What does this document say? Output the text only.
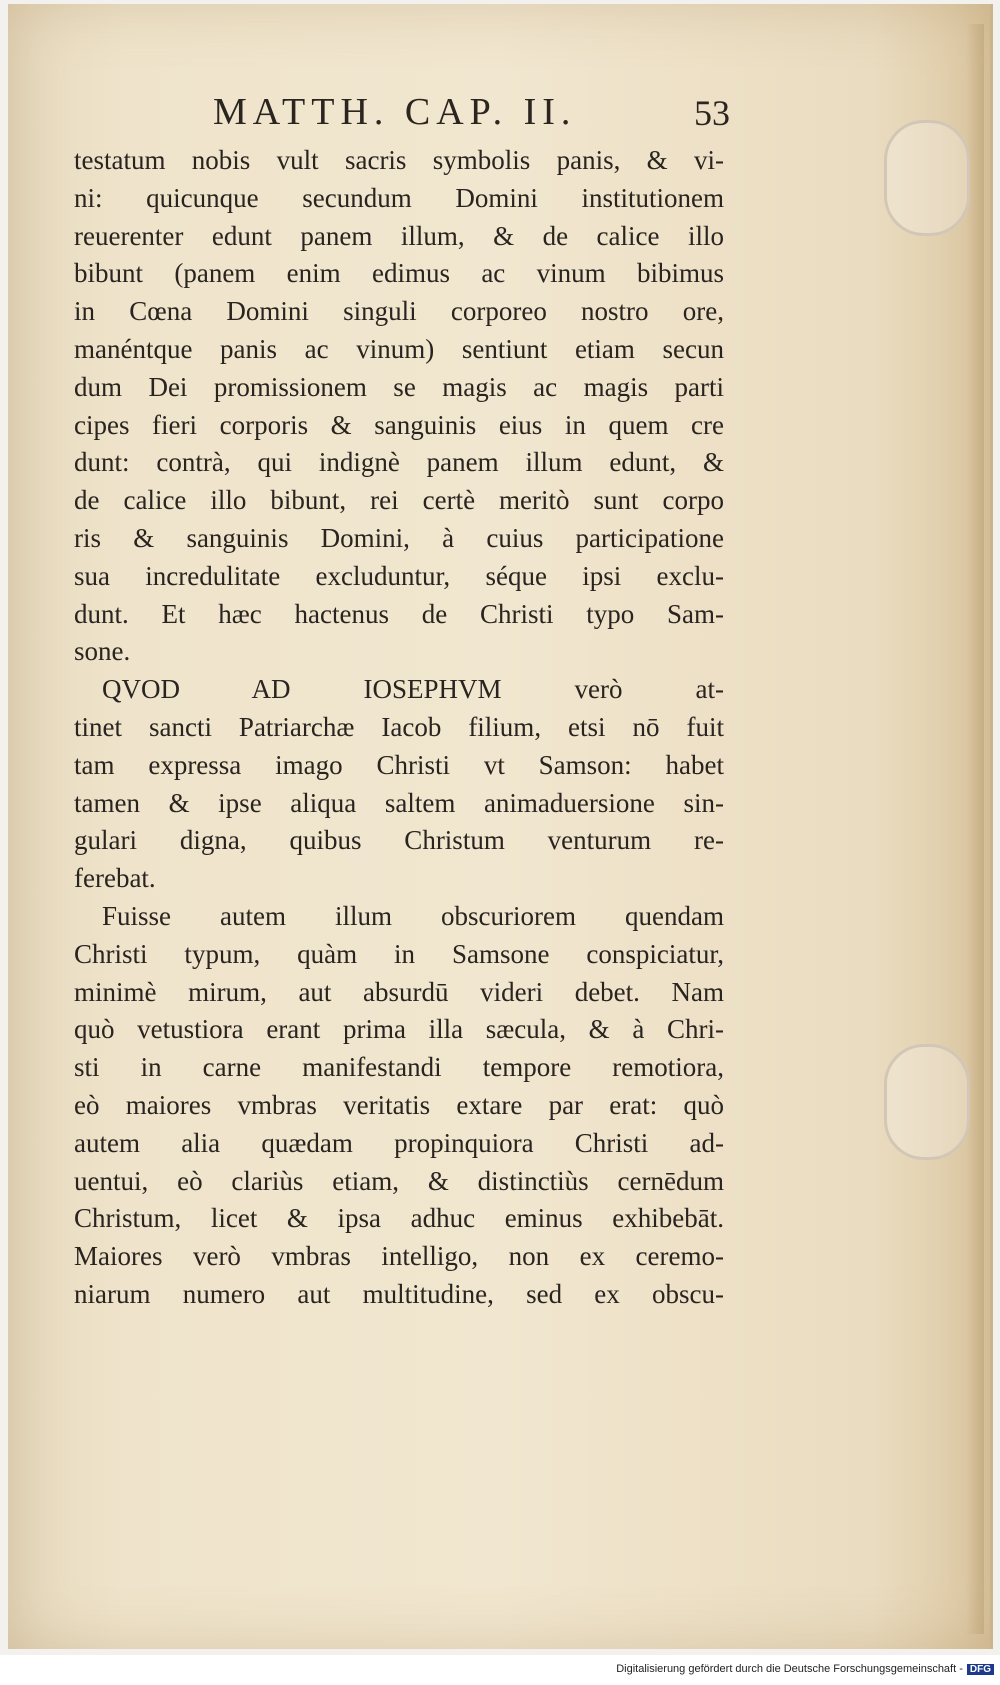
MATTH. CAP. II.	53
testatum nobis vult sacris symbolis panis, & vi-
ni: quicunque secundum Domini institutionem
reuerenter edunt panem illum, & de calice illo
bibunt (panem enim edimus ac vinum bibimus
in Cœna Domini singuli corporeo nostro ore,
manéntque panis ac vinum) sentiunt etiam secun
dum Dei promissionem se magis ac magis parti
cipes fieri corporis & sanguinis eius in quem cre
dunt: contrà, qui indignè panem illum edunt, &
de calice illo bibunt, rei certè meritò sunt corpo
ris & sanguinis Domini, à cuius participatione
sua incredulitate excluduntur, séque ipsi exclu-
dunt. Et hæc hactenus de Christi typo Sam-
sone.
QVOD AD IOSEPHVM verò at-
tinet sancti Patriarchæ Iacob filium, etsi nō fuit
tam expressa imago Christi vt Samson: habet
tamen & ipse aliqua saltem animaduersione sin-
gulari digna, quibus Christum venturum re-
ferebat.
Fuisse autem illum obscuriorem quendam
Christi typum, quàm in Samsone conspiciatur,
minimè mirum, aut absurdū videri debet. Nam
quò vetustiora erant prima illa sæcula, & à Chri-
sti in carne manifestandi tempore remotiora,
eò maiores vmbras veritatis extare par erat: quò
autem alia quædam propinquiora Christi ad-
uentui, eò clariùs etiam, & distinctiùs cernēdum
Christum, licet & ipsa adhuc eminus exhibebāt.
Maiores verò vmbras intelligo, non ex ceremo-
niarum numero aut multitudine, sed ex obscu-
Digitalisierung gefördert durch die Deutsche Forschungsgemeinschaft - DFG
